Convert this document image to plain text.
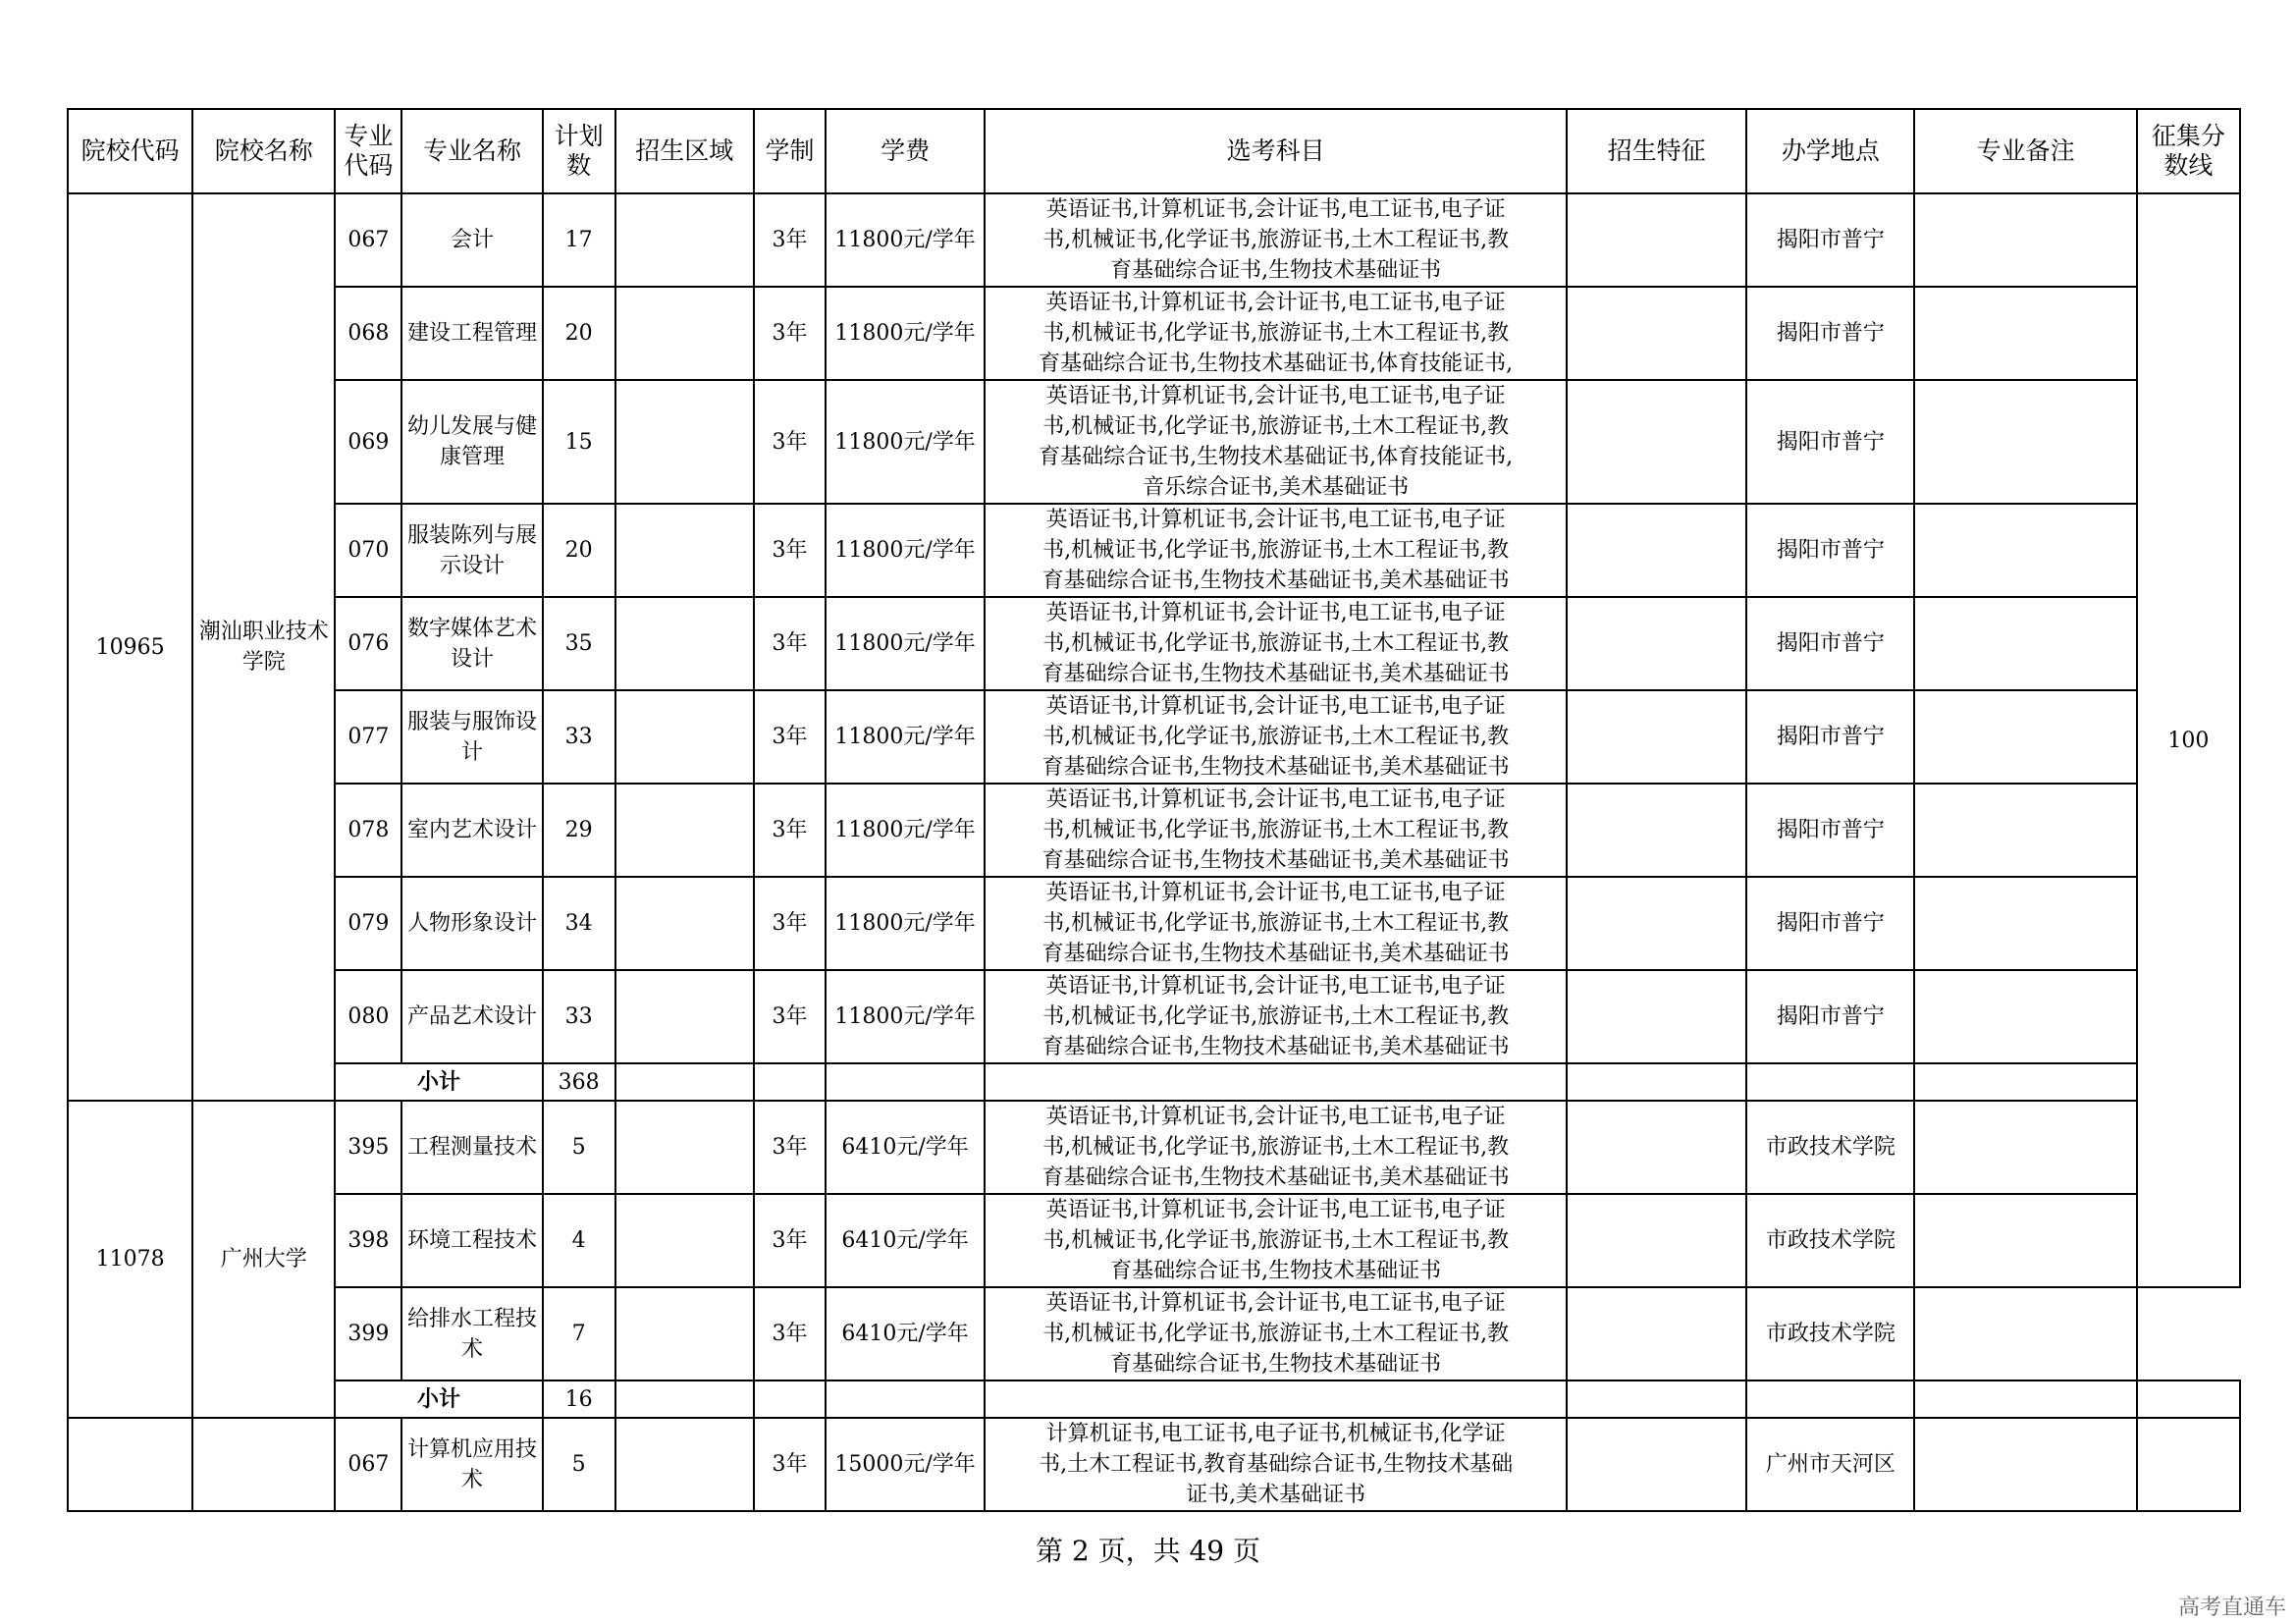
院校代码	院校名称	专业代码	专业名称	计划数	招生区域	学制	学费	选考科目	招生特征	办学地点	专业备注	征集分数线
10965	潮汕职业技术学院	067	会计	17		3年	11800元/学年	英语证书,计算机证书,会计证书,电工证书,电子证
书,机械证书,化学证书,旅游证书,土木工程证书,教
育基础综合证书,生物技术基础证书		揭阳市普宁		100
		068	建设工程管理	20		3年	11800元/学年	英语证书,计算机证书,会计证书,电工证书,电子证
书,机械证书,化学证书,旅游证书,土木工程证书,教
育基础综合证书,生物技术基础证书,体育技能证书,		揭阳市普宁		
		069	幼儿发展与健康管理	15		3年	11800元/学年	英语证书,计算机证书,会计证书,电工证书,电子证
书,机械证书,化学证书,旅游证书,土木工程证书,教
育基础综合证书,生物技术基础证书,体育技能证书,
音乐综合证书,美术基础证书		揭阳市普宁		
		070	服装陈列与展示设计	20		3年	11800元/学年	英语证书,计算机证书,会计证书,电工证书,电子证
书,机械证书,化学证书,旅游证书,土木工程证书,教
育基础综合证书,生物技术基础证书,美术基础证书		揭阳市普宁		
		076	数字媒体艺术设计	35		3年	11800元/学年	英语证书,计算机证书,会计证书,电工证书,电子证
书,机械证书,化学证书,旅游证书,土木工程证书,教
育基础综合证书,生物技术基础证书,美术基础证书		揭阳市普宁		
		077	服装与服饰设计	33		3年	11800元/学年	英语证书,计算机证书,会计证书,电工证书,电子证
书,机械证书,化学证书,旅游证书,土木工程证书,教
育基础综合证书,生物技术基础证书,美术基础证书		揭阳市普宁		
		078	室内艺术设计	29		3年	11800元/学年	英语证书,计算机证书,会计证书,电工证书,电子证
书,机械证书,化学证书,旅游证书,土木工程证书,教
育基础综合证书,生物技术基础证书,美术基础证书		揭阳市普宁		
		079	人物形象设计	34		3年	11800元/学年	英语证书,计算机证书,会计证书,电工证书,电子证
书,机械证书,化学证书,旅游证书,土木工程证书,教
育基础综合证书,生物技术基础证书,美术基础证书		揭阳市普宁		
		080	产品艺术设计	33		3年	11800元/学年	英语证书,计算机证书,会计证书,电工证书,电子证
书,机械证书,化学证书,旅游证书,土木工程证书,教
育基础综合证书,生物技术基础证书,美术基础证书		揭阳市普宁		
		小计		368								
11078	广州大学	395	工程测量技术	5		3年	6410元/学年	英语证书,计算机证书,会计证书,电工证书,电子证
书,机械证书,化学证书,旅游证书,土木工程证书,教
育基础综合证书,生物技术基础证书,美术基础证书		市政技术学院		
		398	环境工程技术	4		3年	6410元/学年	英语证书,计算机证书,会计证书,电工证书,电子证
书,机械证书,化学证书,旅游证书,土木工程证书,教
育基础综合证书,生物技术基础证书		市政技术学院		
		399	给排水工程技术	7		3年	6410元/学年	英语证书,计算机证书,会计证书,电工证书,电子证
书,机械证书,化学证书,旅游证书,土木工程证书,教
育基础综合证书,生物技术基础证书		市政技术学院		
		小计		16								
		067	计算机应用技术	5		3年	15000元/学年	计算机证书,电工证书,电子证书,机械证书,化学证
书,土木工程证书,教育基础综合证书,生物技术基础
证书,美术基础证书		广州市天河区		
第 2 页，共 49 页
高考直通车
